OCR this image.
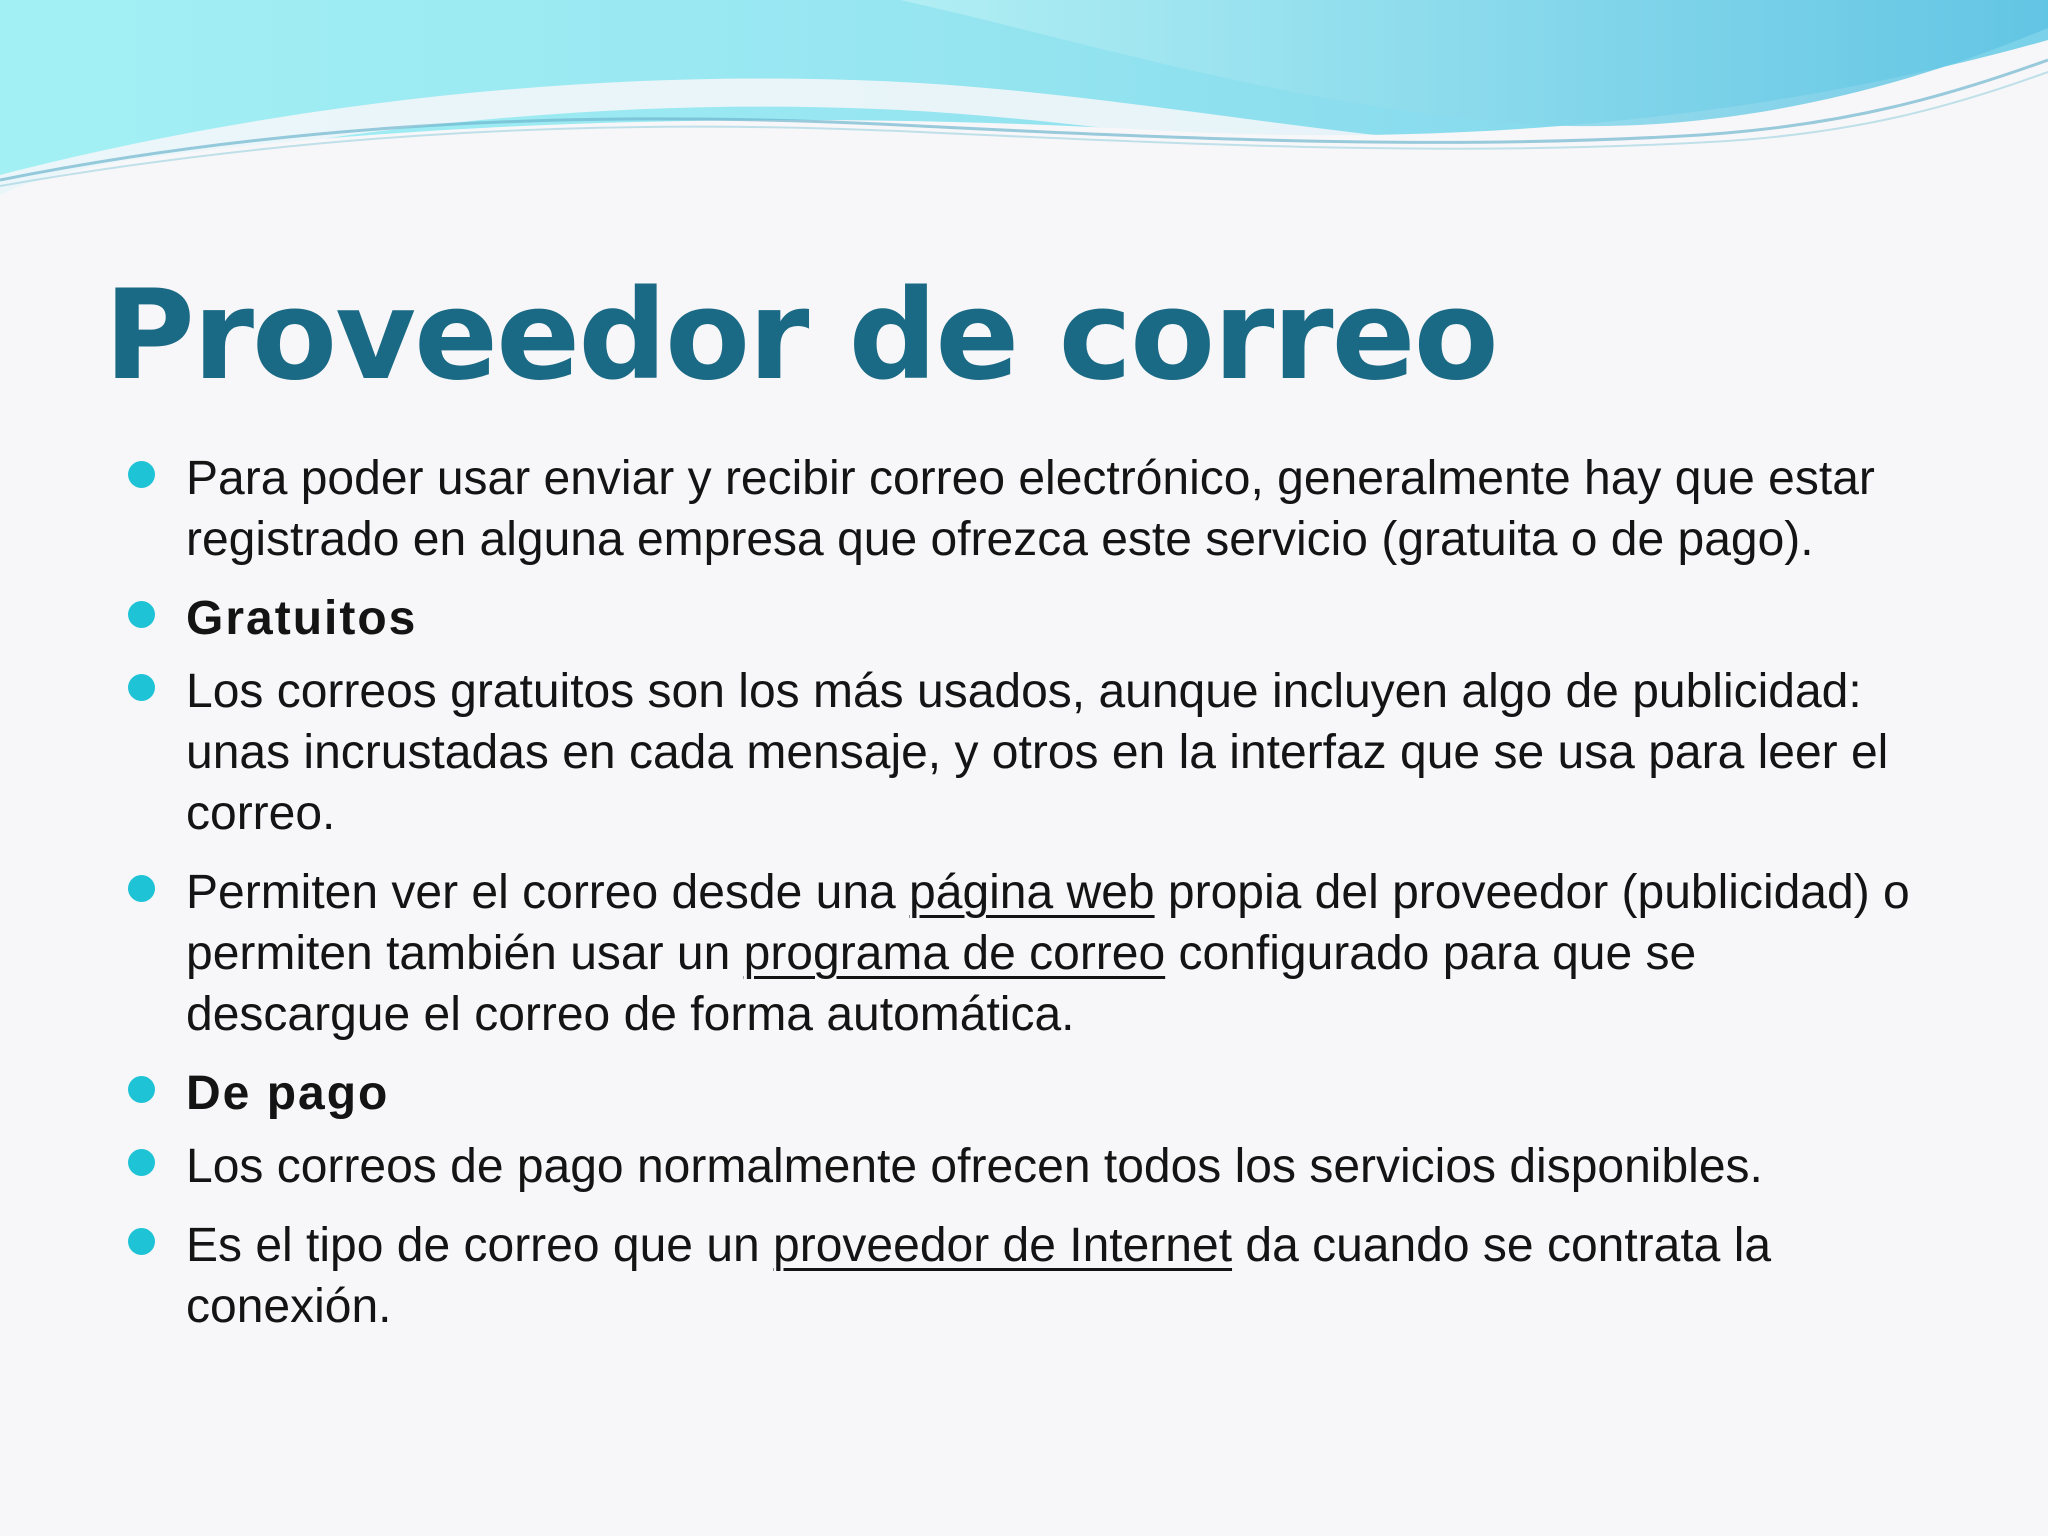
Proveedor de correo
Para poder usar enviar y recibir correo electrónico, generalmente hay que estar registrado en alguna empresa que ofrezca este servicio (gratuita o de pago).
Gratuitos
Los correos gratuitos son los más usados, aunque incluyen algo de publicidad: unas incrustadas en cada mensaje, y otros en la interfaz que se usa para leer el correo.
Permiten ver el correo desde una página web propia del proveedor (publicidad) o permiten también usar un programa de correo configurado para que se descargue el correo de forma automática.
De pago
Los correos de pago normalmente ofrecen todos los servicios disponibles.
Es el tipo de correo que un proveedor de Internet da cuando se contrata la conexión.
